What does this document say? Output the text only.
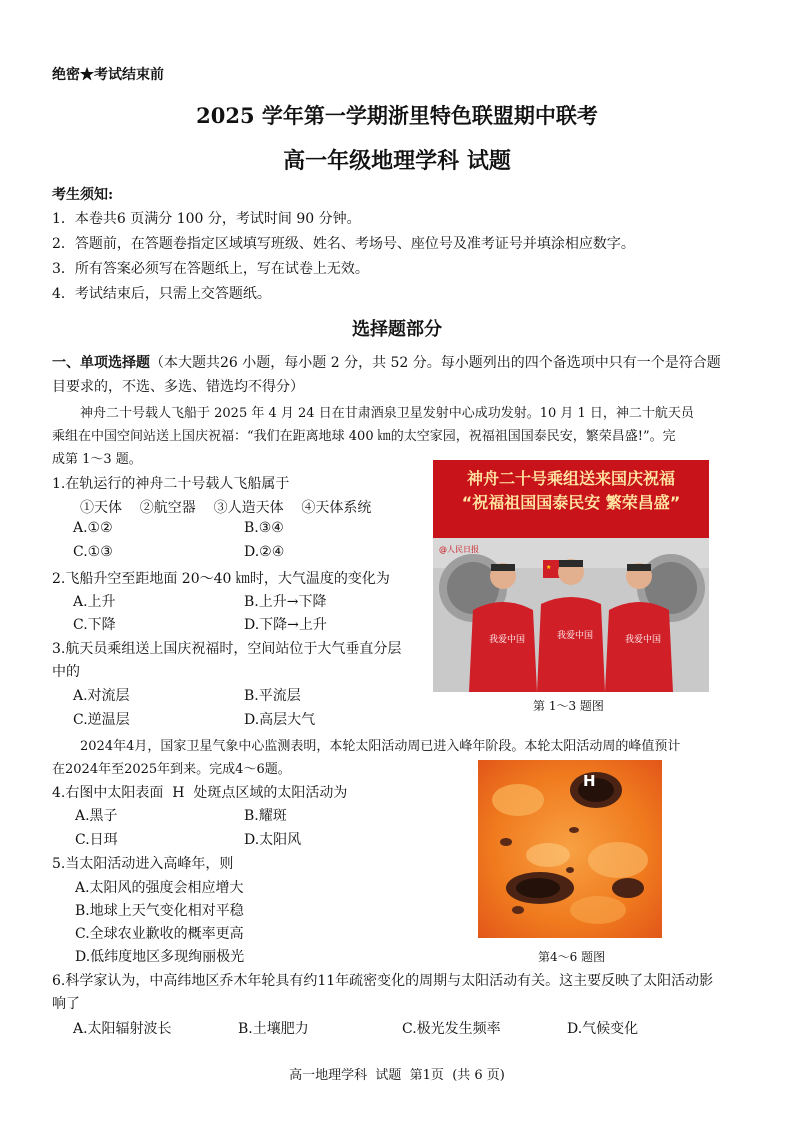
绝密★考试结束前
2025 学年第一学期浙里特色联盟期中联考
高一年级地理学科 试题
考生须知:
1．本卷共6 页满分 100 分，考试时间 90 分钟。
2．答题前，在答题卷指定区域填写班级、姓名、考场号、座位号及准考证号并填涂相应数字。
3．所有答案必须写在答题纸上，写在试卷上无效。
4．考试结束后，只需上交答题纸。
选择题部分
一、单项选择题（本大题共26 小题，每小题 2 分，共 52 分。每小题列出的四个备选项中只有一个是符合题
目要求的，不选、多选、错选均不得分）
神舟二十号载人飞船于 2025 年 4 月 24 日在甘肃酒泉卫星发射中心成功发射。10 月 1 日，神二十航天员
乘组在中国空间站送上国庆祝福：“我们在距离地球 400 ㎞的太空家园，祝福祖国国泰民安，繁荣昌盛!”。完
成第 1～3 题。
神舟二十号乘组送来国庆祝福
“祝福祖国国泰民安 繁荣昌盛”
★
我爱中国	我爱中国	我爱中国
@人民日报
第 1～3 题图
1.在轨运行的神舟二十号载人飞船属于
①天体    ②航空器    ③人造天体    ④天体系统
A.①②	B.③④
C.①③	D.②④
2.飞船升空至距地面 20～40 ㎞时，大气温度的变化为
A.上升	B.上升→下降
C.下降	D.下降→上升
3.航天员乘组送上国庆祝福时，空间站位于大气垂直分层
中的
A.对流层	B.平流层
C.逆温层	D.高层大气
2024年4月，国家卫星气象中心监测表明，本轮太阳活动周已进入峰年阶段。本轮太阳活动周的峰值预计
在2024年至2025年到来。完成4～6题。
H
第4～6 题图
4.右图中太阳表面  H  处斑点区域的太阳活动为
A.黑子	B.耀斑
C.日珥	D.太阳风
5.当太阳活动进入高峰年，则
A.太阳风的强度会相应增大
B.地球上天气变化相对平稳
C.全球农业歉收的概率更高
D.低纬度地区多现绚丽极光
6.科学家认为，中高纬地区乔木年轮具有约11年疏密变化的周期与太阳活动有关。这主要反映了太阳活动影
响了
A.太阳辐射波长	B.土壤肥力	C.极光发生频率	D.气候变化
高一地理学科  试题  第1页  (共 6 页)
